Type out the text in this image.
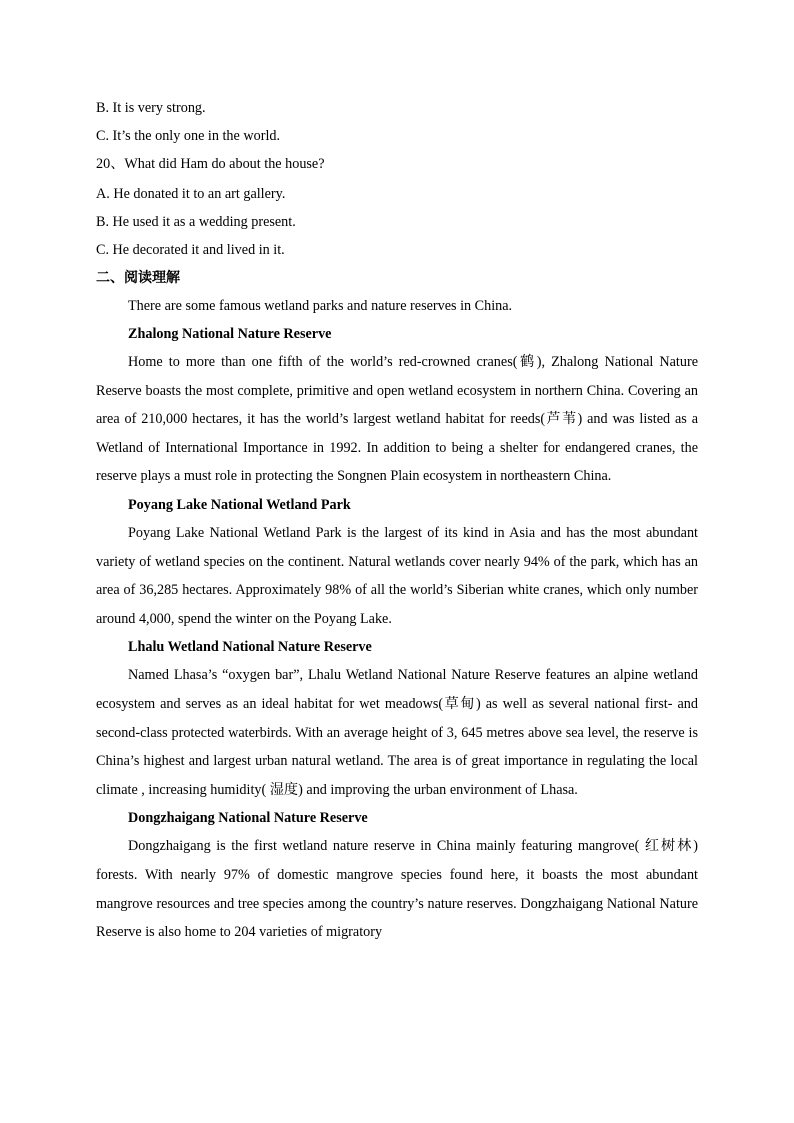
B. It is very strong.

C. It’s the only one in the world.

20、What did Ham do about the house?

A. He donated it to an art gallery.

B. He used it as a wedding present.

C. He decorated it and lived in it.

二、阅读理解

There are some famous wetland parks and nature reserves in China.

Zhalong National Nature Reserve

Home to more than one fifth of the world’s red-crowned cranes(鹤), Zhalong National Nature Reserve boasts the most complete, primitive and open wetland ecosystem in northern China. Covering an area of 210,000 hectares, it has the world’s largest wetland habitat for reeds(芦苇) and was listed as a Wetland of International Importance in 1992. In addition to being a shelter for endangered cranes, the reserve plays a must role in protecting the Songnen Plain ecosystem in northeastern China.

Poyang Lake National Wetland Park

Poyang Lake National Wetland Park is the largest of its kind in Asia and has the most abundant variety of wetland species on the continent. Natural wetlands cover nearly 94% of the park, which has an area of 36,285 hectares. Approximately 98% of all the world’s Siberian white cranes, which only number around 4,000, spend the winter on the Poyang Lake.

Lhalu Wetland National Nature Reserve

Named Lhasa’s “oxygen bar”, Lhalu Wetland National Nature Reserve features an alpine wetland ecosystem and serves as an ideal habitat for wet meadows(草甸) as well as several national first- and second-class protected waterbirds. With an average height of 3, 645 metres above sea level, the reserve is China’s highest and largest urban natural wetland. The area is of great importance in regulating the local climate , increasing humidity( 湿度) and improving the urban environment of Lhasa.

Dongzhaigang National Nature Reserve

Dongzhaigang is the first wetland nature reserve in China mainly featuring mangrove( 红树林) forests. With nearly 97% of domestic mangrove species found here, it boasts the most abundant mangrove resources and tree species among the country’s nature reserves. Dongzhaigang National Nature Reserve is also home to 204 varieties of migratory
